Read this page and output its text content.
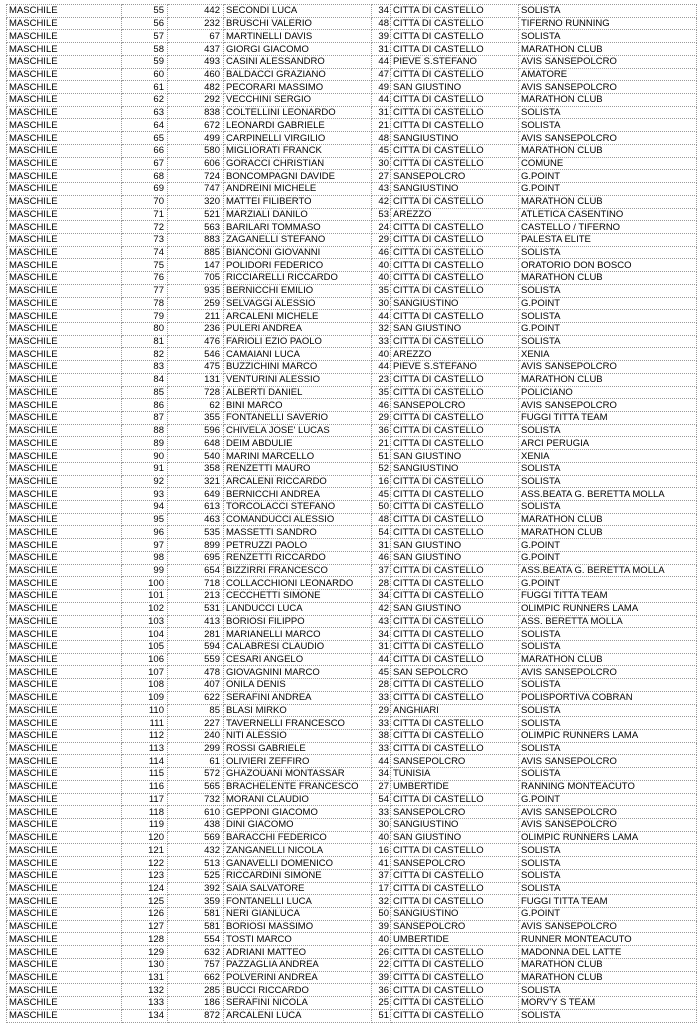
MASCHILE	55	442	SECONDI LUCA	34	CITTA DI CASTELLO	SOLISTA
MASCHILE	56	232	BRUSCHI VALERIO	48	CITTA DI CASTELLO	TIFERNO RUNNING
MASCHILE	57	67	MARTINELLI DAVIS	39	CITTA DI CASTELLO	SOLISTA
MASCHILE	58	437	GIORGI GIACOMO	31	CITTA DI CASTELLO	MARATHON CLUB
MASCHILE	59	493	CASINI ALESSANDRO	44	PIEVE S.STEFANO	AVIS SANSEPOLCRO
MASCHILE	60	460	BALDACCI GRAZIANO	47	CITTA DI CASTELLO	AMATORE
MASCHILE	61	482	PECORARI MASSIMO	49	SAN GIUSTINO	AVIS SANSEPOLCRO
MASCHILE	62	292	VECCHINI SERGIO	44	CITTA DI CASTELLO	MARATHON CLUB
MASCHILE	63	838	COLTELLINI LEONARDO	31	CITTA DI CASTELLO	SOLISTA
MASCHILE	64	672	LEONARDI GABRIELE	21	CITTA DI CASTELLO	SOLISTA
MASCHILE	65	499	CARPINELLI VIRGILIO	48	SANGIUSTINO	AVIS SANSEPOLCRO
MASCHILE	66	580	MIGLIORATI FRANCK	45	CITTA DI CASTELLO	MARATHON CLUB
MASCHILE	67	606	GORACCI CHRISTIAN	30	CITTA DI CASTELLO	COMUNE
MASCHILE	68	724	BONCOMPAGNI DAVIDE	27	SANSEPOLCRO	G.POINT
MASCHILE	69	747	ANDREINI MICHELE	43	SANGIUSTINO	G.POINT
MASCHILE	70	320	MATTEI FILIBERTO	42	CITTA DI CASTELLO	MARATHON CLUB
MASCHILE	71	521	MARZIALI DANILO	53	AREZZO	ATLETICA CASENTINO
MASCHILE	72	563	BARILARI TOMMASO	24	CITTA DI CASTELLO	CASTELLO / TIFERNO
MASCHILE	73	883	ZAGANELLI STEFANO	29	CITTA DI CASTELLO	PALESTA ELITE
MASCHILE	74	885	BIANCONI GIOVANNI	46	CITTA DI CASTELLO	SOLISTA
MASCHILE	75	147	POLIDORI FEDERICO	40	CITTA DI CASTELLO	ORATORIO DON BOSCO
MASCHILE	76	705	RICCIARELLI RICCARDO	40	CITTA DI CASTELLO	MARATHON CLUB
MASCHILE	77	935	BERNICCHI EMILIO	35	CITTA DI CASTELLO	SOLISTA
MASCHILE	78	259	SELVAGGI ALESSIO	30	SANGIUSTINO	G.POINT
MASCHILE	79	211	ARCALENI MICHELE	44	CITTA DI CASTELLO	SOLISTA
MASCHILE	80	236	PULERI ANDREA	32	SAN GIUSTINO	G.POINT
MASCHILE	81	476	FARIOLI EZIO PAOLO	33	CITTA DI CASTELLO	SOLISTA
MASCHILE	82	546	CAMAIANI LUCA	40	AREZZO	XENIA
MASCHILE	83	475	BUZZICHINI MARCO	44	PIEVE S.STEFANO	AVIS SANSEPOLCRO
MASCHILE	84	131	VENTURINI ALESSIO	23	CITTA DI CASTELLO	MARATHON CLUB
MASCHILE	85	728	ALBERTI DANIEL	35	CITTA DI CASTELLO	POLICIANO
MASCHILE	86	62	BINI MARCO	46	SANSEPOLCRO	AVIS SANSEPOLCRO
MASCHILE	87	355	FONTANELLI SAVERIO	29	CITTA DI CASTELLO	FUGGI TITTA TEAM
MASCHILE	88	596	CHIVELA JOSE' LUCAS	36	CITTA DI CASTELLO	SOLISTA
MASCHILE	89	648	DEIM ABDULIE	21	CITTA DI CASTELLO	ARCI PERUGIA
MASCHILE	90	540	MARINI MARCELLO	51	SAN GIUSTINO	XENIA
MASCHILE	91	358	RENZETTI MAURO	52	SANGIUSTINO	SOLISTA
MASCHILE	92	321	ARCALENI RICCARDO	16	CITTA DI CASTELLO	SOLISTA
MASCHILE	93	649	BERNICCHI ANDREA	45	CITTA DI CASTELLO	ASS.BEATA G. BERETTA MOLLA
MASCHILE	94	613	TORCOLACCI STEFANO	50	CITTA DI CASTELLO	SOLISTA
MASCHILE	95	463	COMANDUCCI ALESSIO	48	CITTA DI CASTELLO	MARATHON CLUB
MASCHILE	96	535	MASSETTI SANDRO	54	CITTA DI CASTELLO	MARATHON CLUB
MASCHILE	97	899	PETRUZZI PAOLO	31	SAN GIUSTINO	G.POINT
MASCHILE	98	695	RENZETTI RICCARDO	46	SAN GIUSTINO	G.POINT
MASCHILE	99	654	BIZZIRRI FRANCESCO	37	CITTA DI CASTELLO	ASS.BEATA G. BERETTA MOLLA
MASCHILE	100	718	COLLACCHIONI LEONARDO	28	CITTA DI CASTELLO	G.POINT
MASCHILE	101	213	CECCHETTI SIMONE	34	CITTA DI CASTELLO	FUGGI TITTA TEAM
MASCHILE	102	531	LANDUCCI LUCA	42	SAN GIUSTINO	OLIMPIC RUNNERS LAMA
MASCHILE	103	413	BORIOSI FILIPPO	43	CITTA DI CASTELLO	ASS. BERETTA MOLLA
MASCHILE	104	281	MARIANELLI MARCO	34	CITTA DI CASTELLO	SOLISTA
MASCHILE	105	594	CALABRESI CLAUDIO	31	CITTA DI CASTELLO	SOLISTA
MASCHILE	106	559	CESARI ANGELO	44	CITTA DI CASTELLO	MARATHON CLUB
MASCHILE	107	478	GIOVAGNINI MARCO	45	SAN SEPOLCRO	AVIS SANSEPOLCRO
MASCHILE	108	407	ONILA DENIS	28	CITTA DI CASTELLO	SOLISTA
MASCHILE	109	622	SERAFINI ANDREA	33	CITTA DI CASTELLO	POLISPORTIVA COBRAN
MASCHILE	110	85	BLASI MIRKO	29	ANGHIARI	SOLISTA
MASCHILE	111	227	TAVERNELLI FRANCESCO	33	CITTA DI CASTELLO	SOLISTA
MASCHILE	112	240	NITI ALESSIO	38	CITTA DI CASTELLO	OLIMPIC RUNNERS LAMA
MASCHILE	113	299	ROSSI GABRIELE	33	CITTA DI CASTELLO	SOLISTA
MASCHILE	114	61	OLIVIERI ZEFFIRO	44	SANSEPOLCRO	AVIS SANSEPOLCRO
MASCHILE	115	572	GHAZOUANI MONTASSAR	34	TUNISIA	SOLISTA
MASCHILE	116	565	BRACHELENTE FRANCESCO	27	UMBERTIDE	RANNING MONTEACUTO
MASCHILE	117	732	MORANI CLAUDIO	54	CITTA DI CASTELLO	G.POINT
MASCHILE	118	610	GEPPONI GIACOMO	33	SANSEPOLCRO	AVIS SANSEPOLCRO
MASCHILE	119	438	DINI GIACOMO	30	SANGIUSTINO	AVIS SANSEPOLCRO
MASCHILE	120	569	BARACCHI FEDERICO	40	SAN GIUSTINO	OLIMPIC RUNNERS LAMA
MASCHILE	121	432	ZANGANELLI NICOLA	16	CITTA DI CASTELLO	SOLISTA
MASCHILE	122	513	GANAVELLI DOMENICO	41	SANSEPOLCRO	SOLISTA
MASCHILE	123	525	RICCARDINI SIMONE	37	CITTA DI CASTELLO	SOLISTA
MASCHILE	124	392	SAIA SALVATORE	17	CITTA DI CASTELLO	SOLISTA
MASCHILE	125	359	FONTANELLI LUCA	32	CITTA DI CASTELLO	FUGGI TITTA TEAM
MASCHILE	126	581	NERI GIANLUCA	50	SANGIUSTINO	G.POINT
MASCHILE	127	581	BORIOSI MASSIMO	39	SANSEPOLCRO	AVIS SANSEPOLCRO
MASCHILE	128	554	TOSTI MARCO	40	UMBERTIDE	RUNNER MONTEACUTO
MASCHILE	129	632	ADRIANI MATTEO	26	CITTA DI CASTELLO	MADONNA DEL LATTE
MASCHILE	130	757	PAZZAGLIA ANDREA	22	CITTA DI CASTELLO	MARATHON CLUB
MASCHILE	131	662	POLVERINI ANDREA	39	CITTA DI CASTELLO	MARATHON CLUB
MASCHILE	132	285	BUCCI RICCARDO	36	CITTA DI CASTELLO	SOLISTA
MASCHILE	133	186	SERAFINI NICOLA	25	CITTA DI CASTELLO	MORV'Y S TEAM
MASCHILE	134	872	ARCALENI LUCA	51	CITTA DI CASTELLO	SOLISTA
